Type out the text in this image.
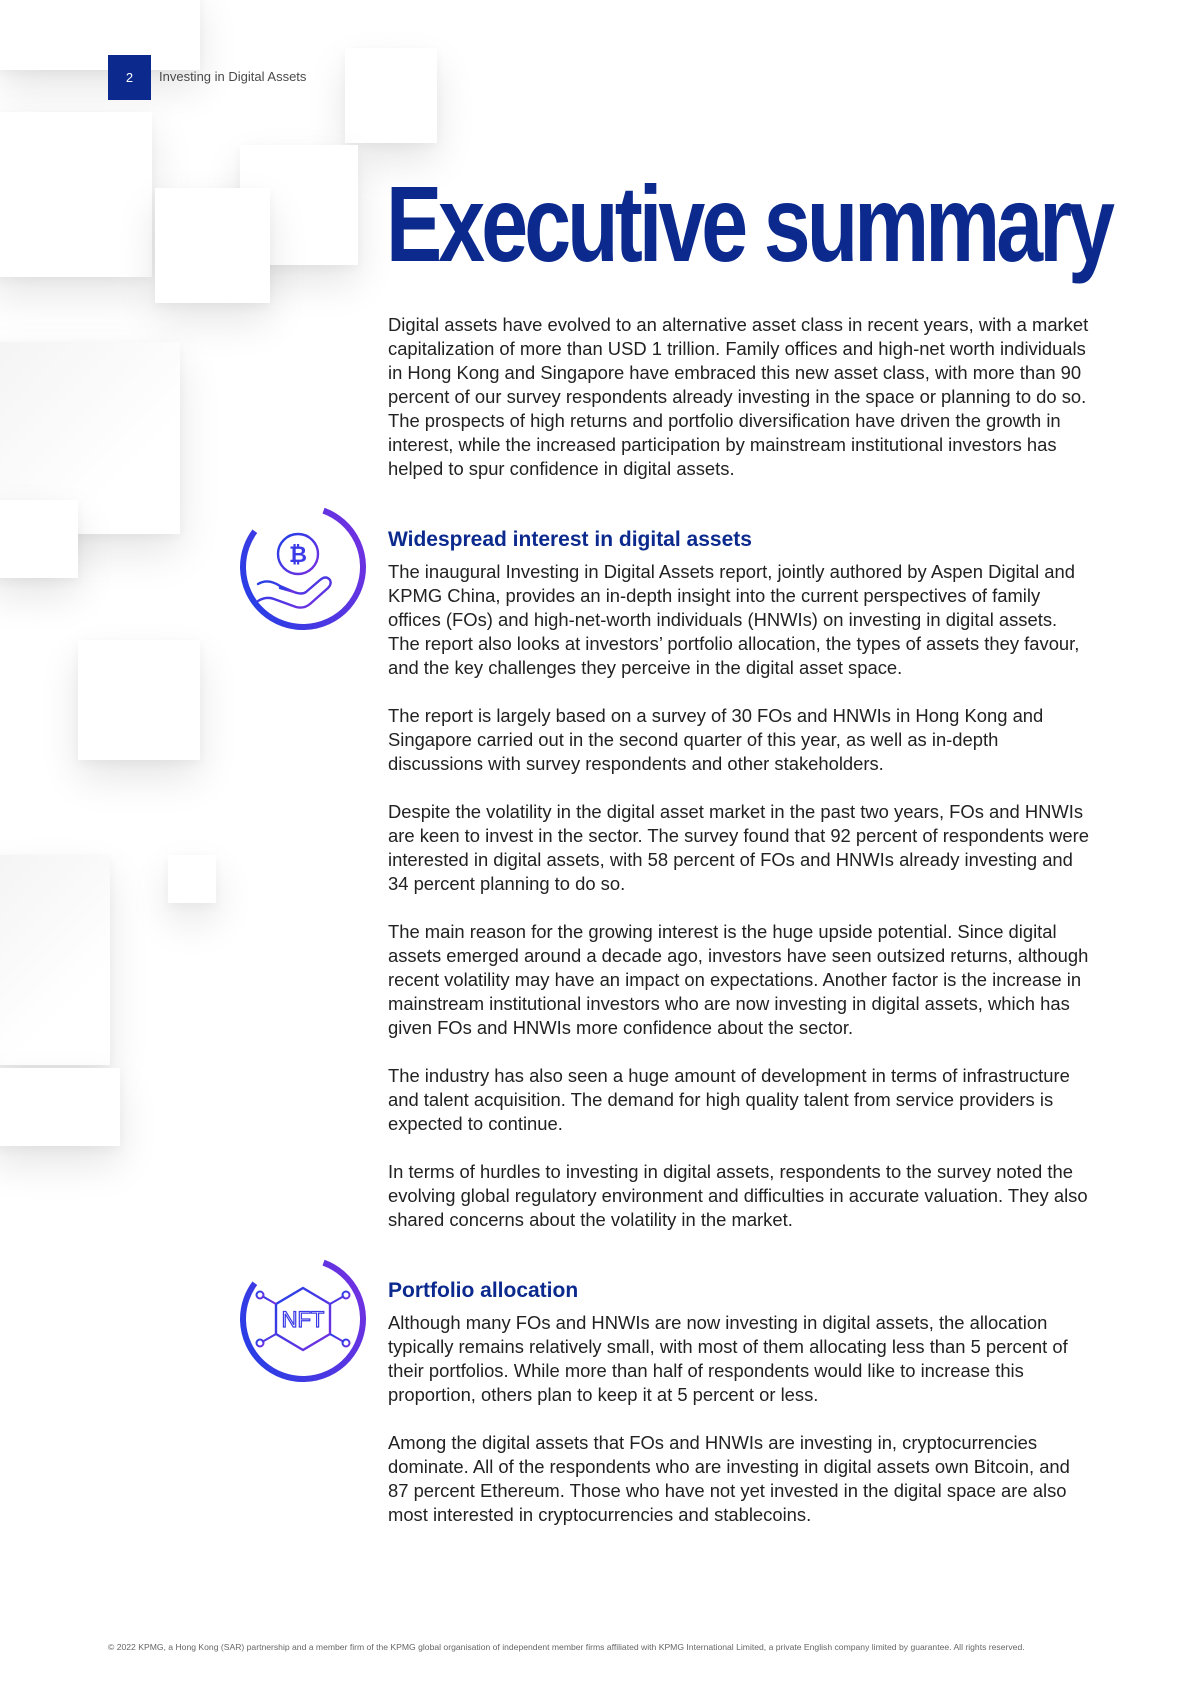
2 Investing in Digital Assets
Executive summary

Digital assets have evolved to an alternative asset class in recent years, with a market capitalization of more than USD 1 trillion. Family offices and high-net worth individuals in Hong Kong and Singapore have embraced this new asset class, with more than 90 percent of our survey respondents already investing in the space or planning to do so. The prospects of high returns and portfolio diversification have driven the growth in interest, while the increased participation by mainstream institutional investors has helped to spur confidence in digital assets.

₿
Widespread interest in digital assets

The inaugural Investing in Digital Assets report, jointly authored by Aspen Digital and KPMG China, provides an in-depth insight into the current perspectives of family offices (FOs) and high-net-worth individuals (HNWIs) on investing in digital assets. The report also looks at investors’ portfolio allocation, the types of assets they favour, and the key challenges they perceive in the digital asset space.

The report is largely based on a survey of 30 FOs and HNWIs in Hong Kong and Singapore carried out in the second quarter of this year, as well as in-depth discussions with survey respondents and other stakeholders.

Despite the volatility in the digital asset market in the past two years, FOs and HNWIs are keen to invest in the sector. The survey found that 92 percent of respondents were interested in digital assets, with 58 percent of FOs and HNWIs already investing and 34 percent planning to do so.

The main reason for the growing interest is the huge upside potential. Since digital assets emerged around a decade ago, investors have seen outsized returns, although recent volatility may have an impact on expectations. Another factor is the increase in mainstream institutional investors who are now investing in digital assets, which has given FOs and HNWIs more confidence about the sector.

The industry has also seen a huge amount of development in terms of infrastructure and talent acquisition. The demand for high quality talent from service providers is expected to continue.

In terms of hurdles to investing in digital assets, respondents to the survey noted the evolving global regulatory environment and difficulties in accurate valuation. They also shared concerns about the volatility in the market.

NFT
Portfolio allocation

Although many FOs and HNWIs are now investing in digital assets, the allocation typically remains relatively small, with most of them allocating less than 5 percent of their portfolios. While more than half of respondents would like to increase this proportion, others plan to keep it at 5 percent or less.

Among the digital assets that FOs and HNWIs are investing in, cryptocurrencies dominate. All of the respondents who are investing in digital assets own Bitcoin, and 87 percent Ethereum. Those who have not yet invested in the digital space are also most interested in cryptocurrencies and stablecoins.

© 2022 KPMG, a Hong Kong (SAR) partnership and a member firm of the KPMG global organisation of independent member firms affiliated with KPMG International Limited, a private English company limited by guarantee. All rights reserved.
